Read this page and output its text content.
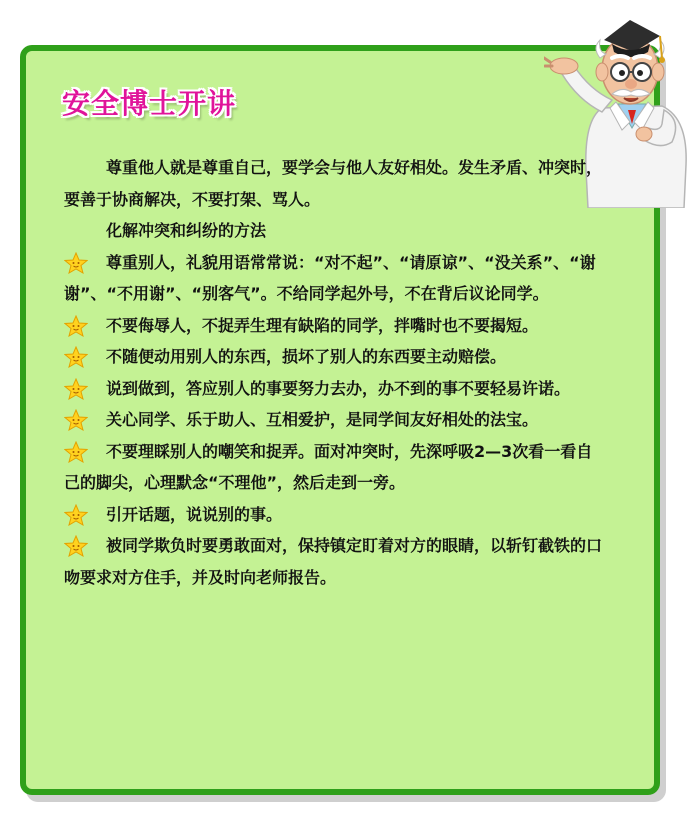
安全博士开讲

尊重他人就是尊重自己，要学会与他人友好相处。发生矛盾、冲突时，要善于协商解决，不要打架、骂人。

化解冲突和纠纷的方法

尊重别人，礼貌用语常常说：“对不起”、“请原谅”、“没关系”、“谢谢”、“不用谢”、“别客气”。不给同学起外号，不在背后议论同学。

不要侮辱人，不捉弄生理有缺陷的同学，拌嘴时也不要揭短。

不随便动用别人的东西，损坏了别人的东西要主动赔偿。

说到做到，答应别人的事要努力去办，办不到的事不要轻易许诺。

关心同学、乐于助人、互相爱护，是同学间友好相处的法宝。

不要理睬别人的嘲笑和捉弄。面对冲突时，先深呼吸2—3次看一看自己的脚尖，心理默念“不理他”，然后走到一旁。

引开话题，说说别的事。

被同学欺负时要勇敢面对，保持镇定盯着对方的眼睛，以斩钉截铁的口吻要求对方住手，并及时向老师报告。
